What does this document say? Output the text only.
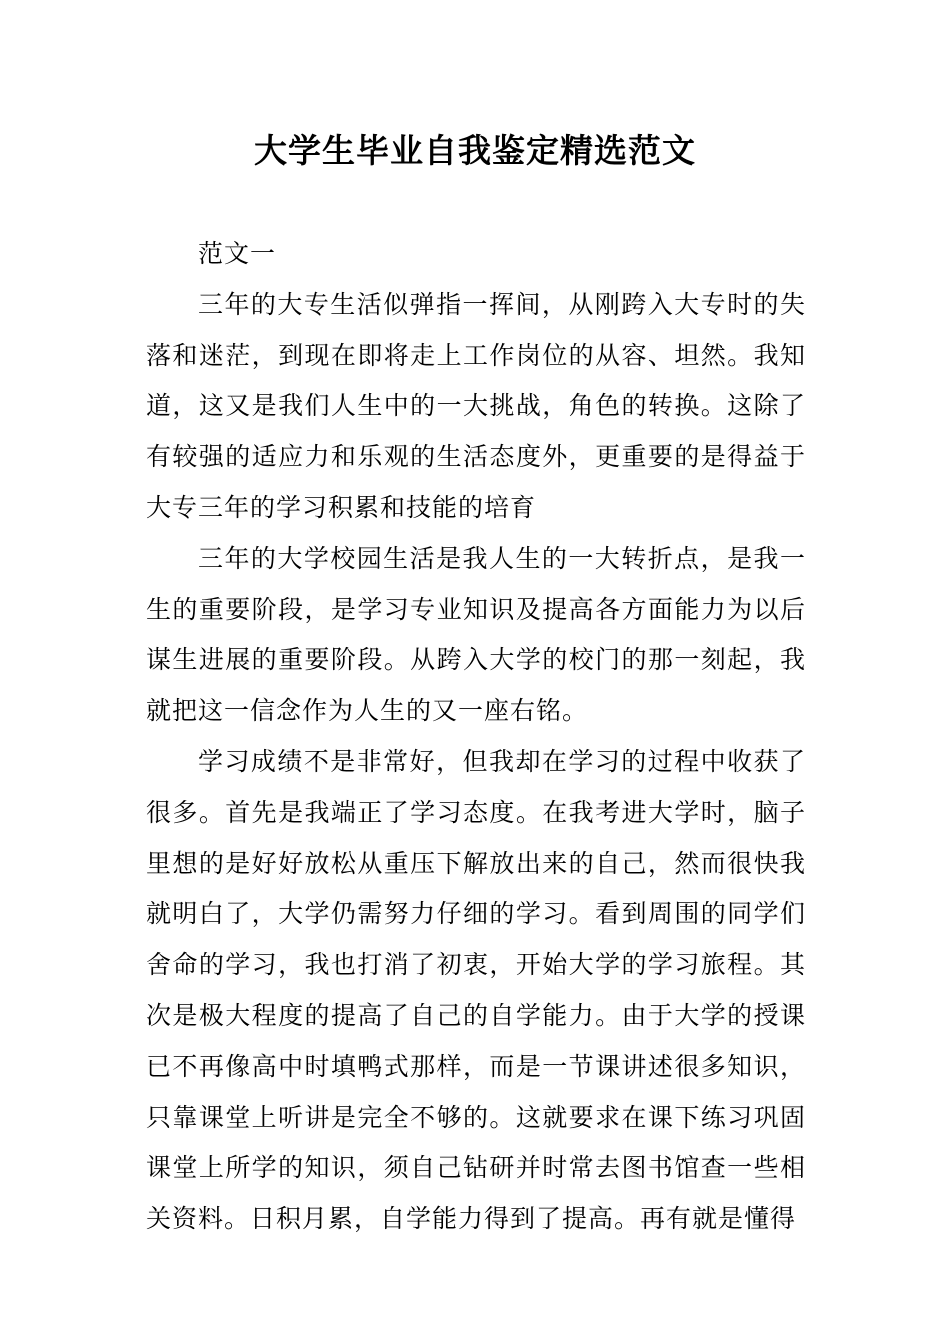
大学生毕业自我鉴定精选范文

范文一

三年的大专生活似弹指一挥间，从刚跨入大专时的失落和迷茫，到现在即将走上工作岗位的从容、坦然。我知道，这又是我们人生中的一大挑战，角色的转换。这除了有较强的适应力和乐观的生活态度外，更重要的是得益于大专三年的学习积累和技能的培育

三年的大学校园生活是我人生的一大转折点，是我一生的重要阶段，是学习专业知识及提高各方面能力为以后谋生进展的重要阶段。从跨入大学的校门的那一刻起，我就把这一信念作为人生的又一座右铭。

学习成绩不是非常好，但我却在学习的过程中收获了很多。首先是我端正了学习态度。在我考进大学时，脑子里想的是好好放松从重压下解放出来的自己，然而很快我就明白了，大学仍需努力仔细的学习。看到周围的同学们舍命的学习，我也打消了初衷，开始大学的学习旅程。其次是极大程度的提高了自己的自学能力。由于大学的授课已不再像高中时填鸭式那样，而是一节课讲述很多知识，只靠课堂上听讲是完全不够的。这就要求在课下练习巩固课堂上所学的知识，须自己钻研并时常去图书馆查一些相关资料。日积月累，自学能力得到了提高。再有就是懂得
